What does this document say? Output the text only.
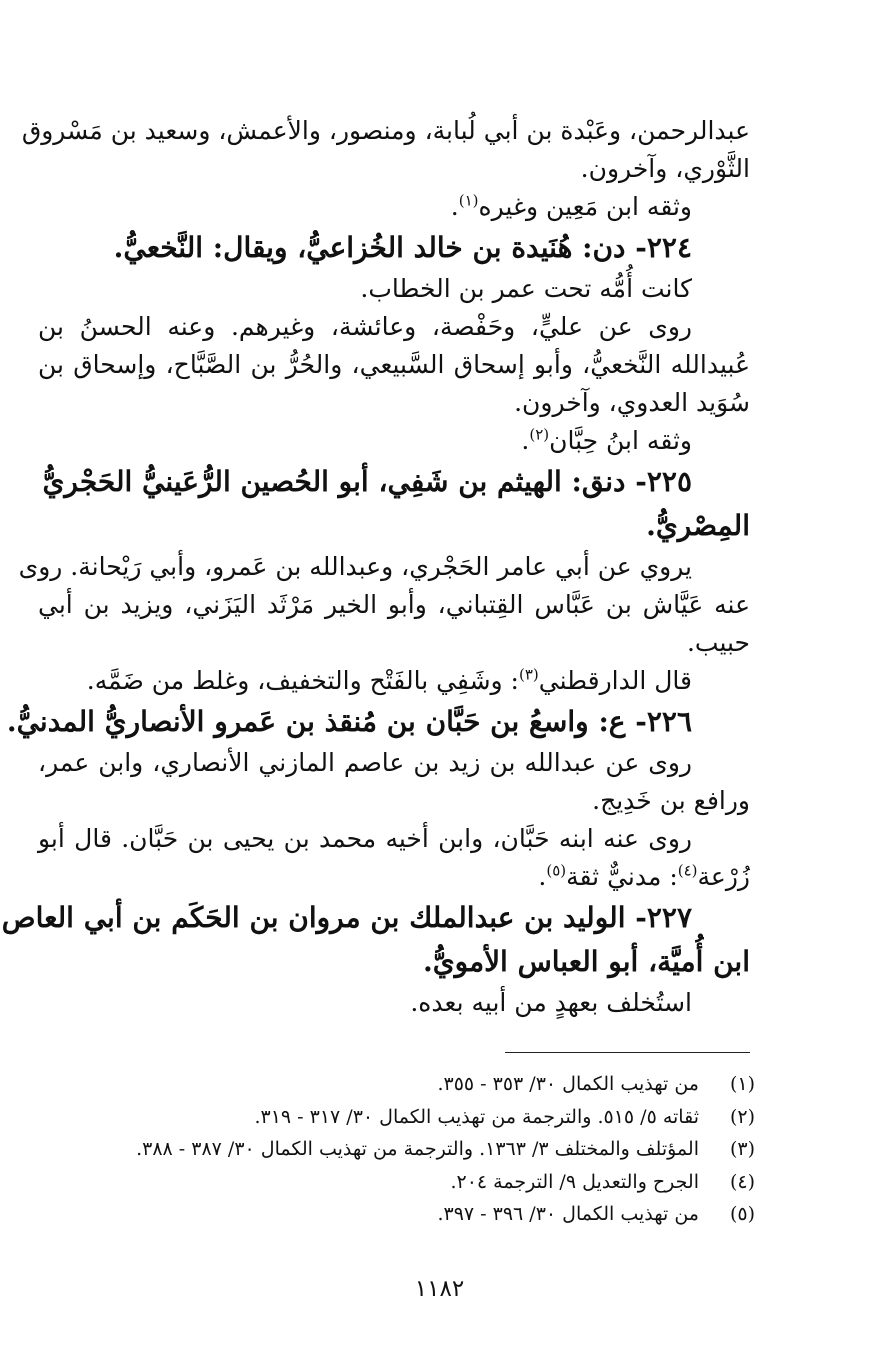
عبدالرحمن، وعَبْدة بن أبي لُبابة، ومنصور، والأعمش، وسعيد بن مَسْروق
الثَّوْري، وآخرون.
وثقه ابن مَعِين وغيره$^{(١)}$.
٢٢٤- دن: هُنَيدة بن خالد الخُزاعيُّ، ويقال: النَّخعيُّ.
كانت أُمُّه تحت عمر بن الخطاب.
روى عن عليٍّ، وحَفْصة، وعائشة، وغيرهم. وعنه الحسنُ بن
عُبيدالله النَّخعيُّ، وأبو إسحاق السَّبيعي، والحُرُّ بن الصَّبَّاح، وإسحاق بن
سُوَيد العدوي، وآخرون.
وثقه ابنُ حِبَّان$^{(٢)}$.
٢٢٥- دنق: الهيثم بن شَفِي، أبو الحُصين الرُّعَينيُّ الحَجْريُّ
المِصْريُّ.
يروي عن أبي عامر الحَجْري، وعبدالله بن عَمرو، وأبي رَيْحانة. روى
عنه عَيَّاش بن عَبَّاس القِتباني، وأبو الخير مَرْثَد اليَزَني، ويزيد بن أبي
حبيب.
قال الدارقطني$^{(٣)}$: وشَفِي بالفَتْح والتخفيف، وغلط من ضَمَّه.
٢٢٦- ع: واسعُ بن حَبَّان بن مُنقذ بن عَمرو الأنصاريُّ المدنيُّ.
روى عن عبدالله بن زيد بن عاصم المازني الأنصاري، وابن عمر،
ورافع بن خَدِيج.
روى عنه ابنه حَبَّان، وابن أخيه محمد بن يحيى بن حَبَّان. قال أبو
زُرْعة$^{(٤)}$: مدنيٌّ ثقة$^{(٥)}$.
٢٢٧- الوليد بن عبدالملك بن مروان بن الحَكَم بن أبي العاص
ابن أُميَّة، أبو العباس الأمويُّ.
استُخلف بعهدٍ من أبيه بعده.
(١)من تهذيب الكمال ٣٠/ ٣٥٣ - ٣٥٥.
(٢)ثقاته ٥/ ٥١٥. والترجمة من تهذيب الكمال ٣٠/ ٣١٧ - ٣١٩.
(٣)المؤتلف والمختلف ٣/ ١٣٦٣. والترجمة من تهذيب الكمال ٣٠/ ٣٨٧ - ٣٨٨.
(٤)الجرح والتعديل ٩/ الترجمة ٢٠٤.
(٥)من تهذيب الكمال ٣٠/ ٣٩٦ - ٣٩٧.
١١٨٢
